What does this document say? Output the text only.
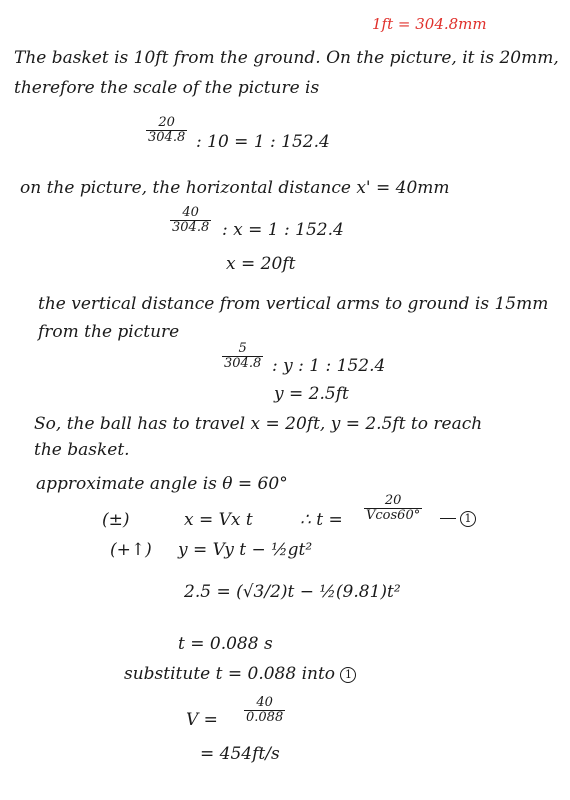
1ft = 304.8mm
The basket is 10ft from the ground. On the picture, it is 20mm,
therefore the scale of the picture is
20
304.8 : 10 = 1 : 152.4
on the picture, the horizontal distance x' = 40mm
40
304.8 : x = 1 : 152.4
x = 20ft
the vertical distance from vertical arms to ground is 15mm
from the picture
5
304.8 : y : 1 : 152.4
y = 2.5ft
So, the ball has to travel x = 20ft, y = 2.5ft to reach
the basket.
approximate angle is θ = 60°
(±)	x = Vx t	∴ t =
20
Vcos60°	1
(+↑) y = Vy t − ½gt²
2.5 = (√3/2)t − ½(9.81)t²
t = 0.088 s
substitute t = 0.088 into 1
V =
40
0.088
= 454ft/s
